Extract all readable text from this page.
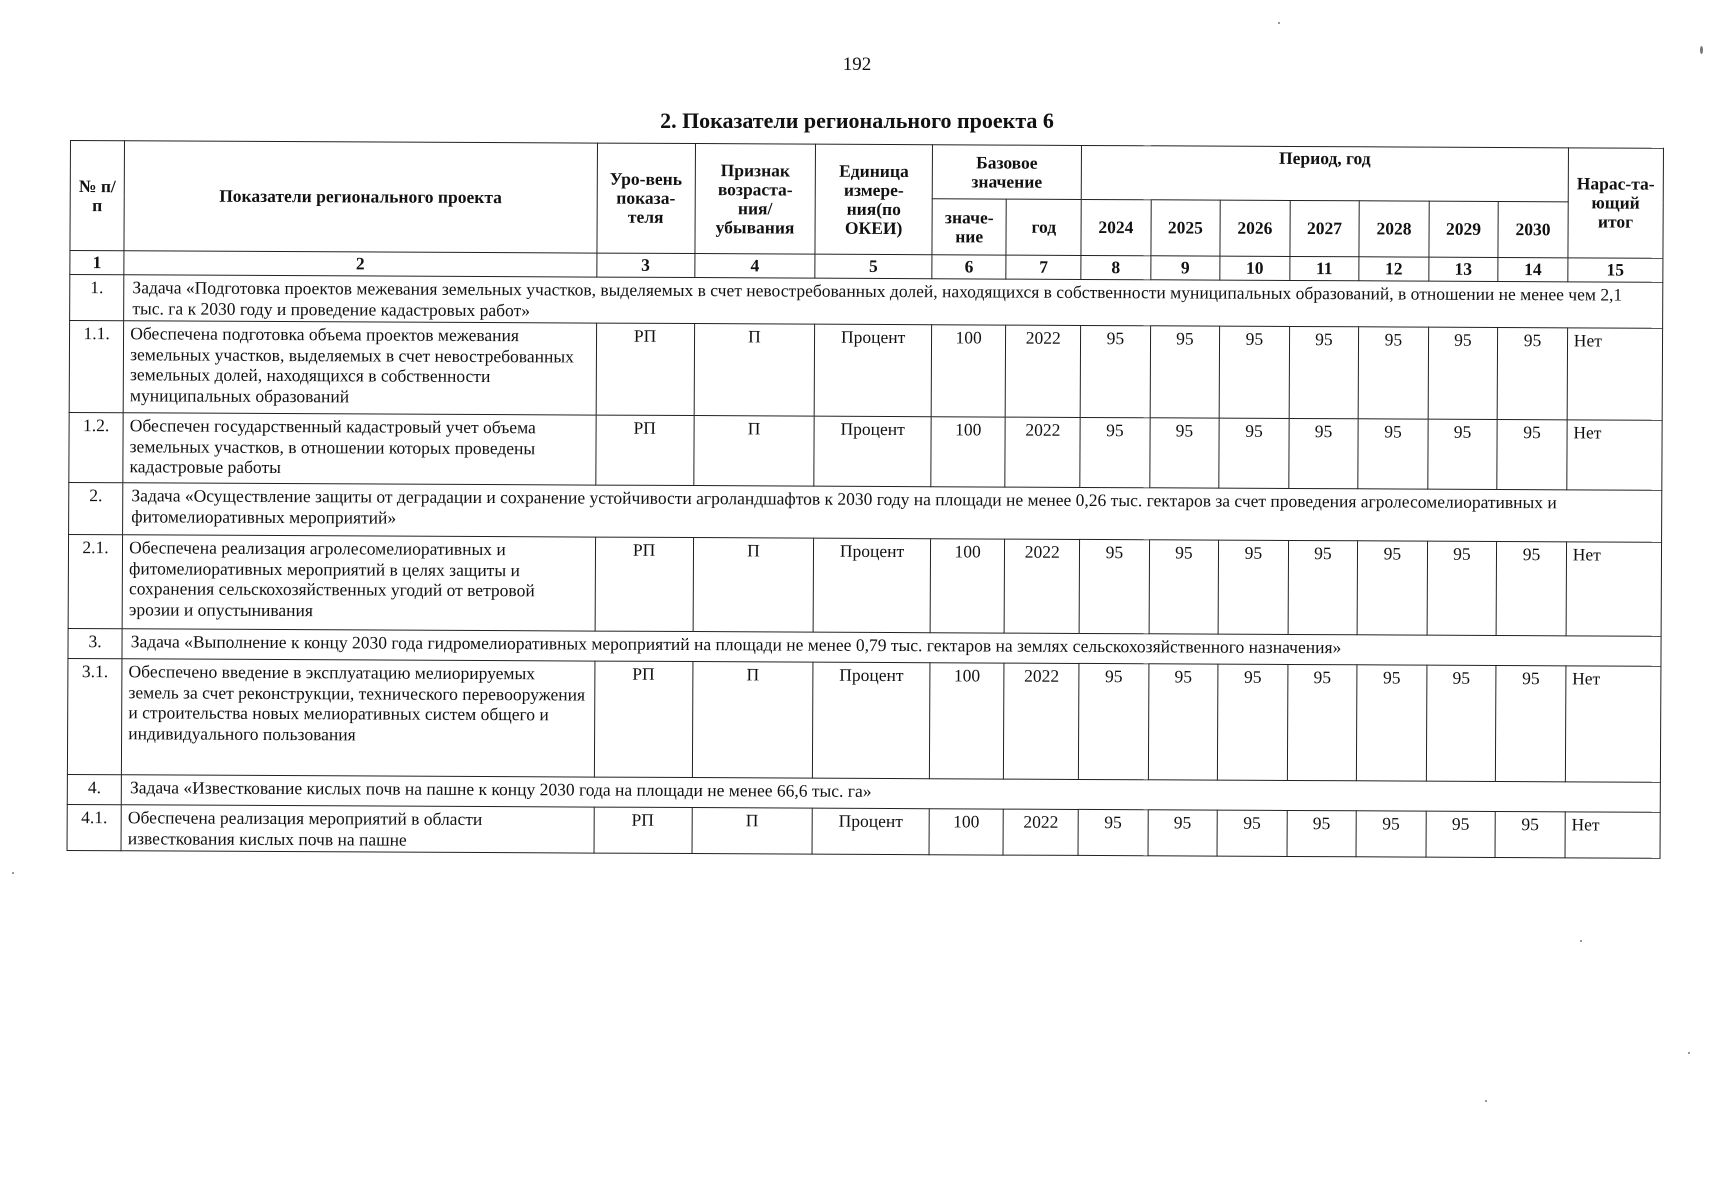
192
2. Показатели регионального проекта 6
№ п/п	Показатели регионального проекта	Уро-вень показа-теля	Признак возраста-ния/ убывания	Единица измере-ния(по ОКЕИ)	Базовое значение		Период, год							Нарас-та-ющий итог
					значе-ние	год	2024	2025	2026	2027	2028	2029	2030	
1	2	3	4	5	6	7	8	9	10	11	12	13	14	15
1.	Задача «Подготовка проектов межевания земельных участков, выделяемых в счет невостребованных долей, находящихся в собственности муниципальных образований, в отношении не менее чем 2,1 тыс. га к 2030 году и проведение кадастровых работ»													
1.1.	Обеспечена подготовка объема проектов межевания земельных участков, выделяемых в счет невостребованных земельных долей, находящихся в собственности муниципальных образований	РП	П	Процент	100	2022	95	95	95	95	95	95	95	Нет
1.2.	Обеспечен государственный кадастровый учет объема земельных участков, в отношении которых проведены кадастровые работы	РП	П	Процент	100	2022	95	95	95	95	95	95	95	Нет
2.	Задача «Осуществление защиты от деградации и сохранение устойчивости агроландшафтов к 2030 году на площади не менее 0,26 тыс. гектаров за счет проведения агролесомелиоративных и фитомелиоративных мероприятий»													
2.1.	Обеспечена реализация агролесомелиоративных и фитомелиоративных мероприятий в целях защиты и сохранения сельскохозяйственных угодий от ветровой эрозии и опустынивания	РП	П	Процент	100	2022	95	95	95	95	95	95	95	Нет
3.	Задача «Выполнение к концу 2030 года гидромелиоративных мероприятий на площади не менее 0,79 тыс. гектаров на землях сельскохозяйственного назначения»													
3.1.	Обеспечено введение в эксплуатацию мелиорируемых земель за счет реконструкции, технического перевооружения и строительства новых мелиоративных систем общего и индивидуального пользования	РП	П	Процент	100	2022	95	95	95	95	95	95	95	Нет
4.	Задача «Известкование кислых почв на пашне к концу 2030 года на площади не менее 66,6 тыс. га»													
4.1.	Обеспечена реализация мероприятий в области известкования кислых почв на пашне	РП	П	Процент	100	2022	95	95	95	95	95	95	95	Нет
